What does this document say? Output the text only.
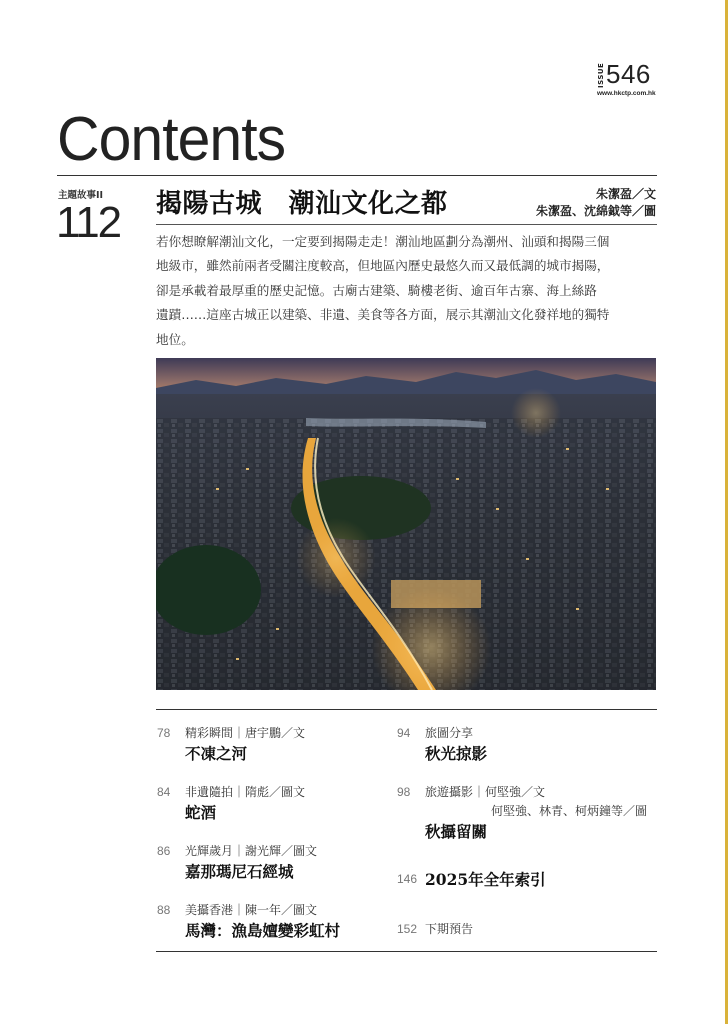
ISSUE 546
www.hkctp.com.hk
Contents
主題故事II
112 揭陽古城　潮汕文化之都	朱潔盈／文
朱潔盈、沈綿鉞等／圖
若你想瞭解潮汕文化，一定要到揭陽走走！潮汕地區劃分為潮州、汕頭和揭陽三個
地級市，雖然前兩者受關注度較高，但地區內歷史最悠久而又最低調的城市揭陽，
卻是承載着最厚重的歷史記憶。古廟古建築、騎樓老街、逾百年古寨、海上絲路
遺蹟……這座古城正以建築、非遺、美食等各方面，展示其潮汕文化發祥地的獨特
地位。
78 精彩瞬間｜唐宇鵬／文
不凍之河
84 非遺隨拍｜隋彪／圖文
蛇酒
86 光輝歲月｜謝光輝／圖文
嘉那瑪尼石經城
88 美攝香港｜陳一年／圖文
馬灣：漁島嬗變彩虹村
94 旅圖分享
秋光掠影
98 旅遊攝影｜何堅強／文
何堅強、林青、柯炳鐘等／圖
秋攝留關
146 2025年全年索引
152 下期預告
